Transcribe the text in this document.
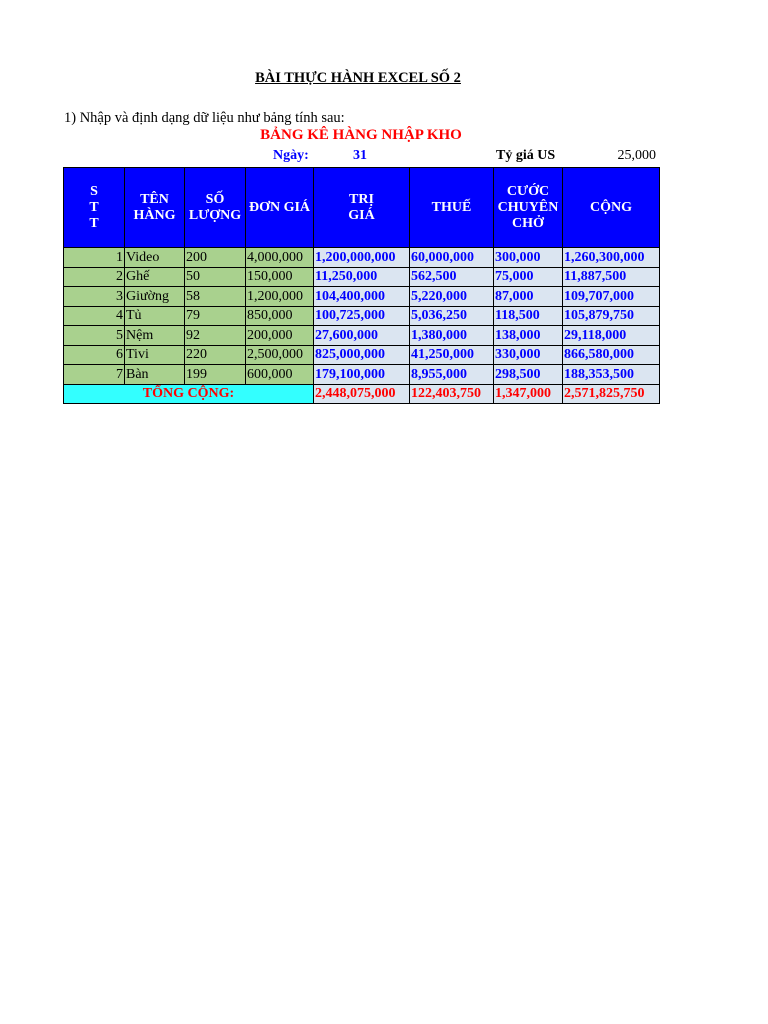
BÀI THỰC HÀNH EXCEL SỐ 2
1) Nhập và định dạng dữ liệu như bảng tính sau:
BẢNG KÊ HÀNG NHẬP KHO
Ngày:	31	Tỷ giá US	25,000
S T T	TÊN HÀNG	SỐ LƯỢNG	ĐƠN GIÁ	TRỊ GIÁ	THUẾ	CƯỚC CHUYÊN CHỞ	CỘNG
1	Video	200	4,000,000	1,200,000,000	60,000,000	300,000	1,260,300,000
2	Ghế	50	150,000	11,250,000	562,500	75,000	11,887,500
3	Giường	58	1,200,000	104,400,000	5,220,000	87,000	109,707,000
4	Tủ	79	850,000	100,725,000	5,036,250	118,500	105,879,750
5	Nệm	92	200,000	27,600,000	1,380,000	138,000	29,118,000
6	Tivi	220	2,500,000	825,000,000	41,250,000	330,000	866,580,000
7	Bàn	199	600,000	179,100,000	8,955,000	298,500	188,353,500
TỔNG CỘNG:				2,448,075,000	122,403,750	1,347,000	2,571,825,750
